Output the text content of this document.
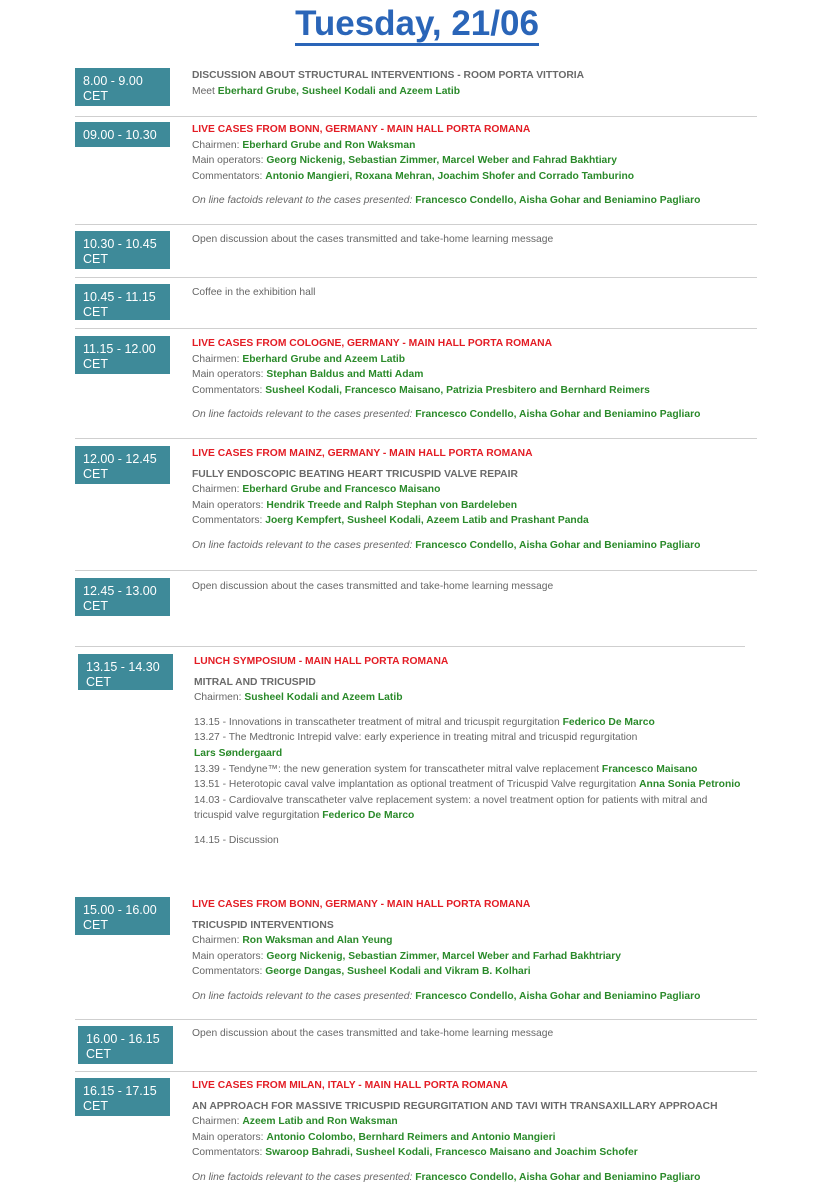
Tuesday, 21/06
8.00 - 9.00
CET

DISCUSSION ABOUT STRUCTURAL INTERVENTIONS - ROOM PORTA VITTORIA

Meet Eberhard Grube, Susheel Kodali and Azeem Latib

09.00 - 10.30	LIVE CASES FROM BONN, GERMANY - MAIN HALL PORTA ROMANA

Chairmen: Eberhard Grube and Ron Waksman

Main operators: Georg Nickenig, Sebastian Zimmer, Marcel Weber and Fahrad Bakhtiary

Commentators: Antonio Mangieri, Roxana Mehran, Joachim Shofer and Corrado Tamburino

On line factoids relevant to the cases presented: Francesco Condello, Aisha Gohar and Beniamino Pagliaro

10.30 - 10.45
CET

Open discussion about the cases transmitted and take-home learning message

10.45 - 11.15
CET

Coffee in the exhibition hall

11.15 - 12.00
CET

LIVE CASES FROM COLOGNE, GERMANY - MAIN HALL PORTA ROMANA

Chairmen: Eberhard Grube and Azeem Latib

Main operators: Stephan Baldus and Matti Adam

Commentators: Susheel Kodali, Francesco Maisano, Patrizia Presbitero and Bernhard Reimers

On line factoids relevant to the cases presented: Francesco Condello, Aisha Gohar and Beniamino Pagliaro

12.00 - 12.45
CET

LIVE CASES FROM MAINZ, GERMANY - MAIN HALL PORTA ROMANA

FULLY ENDOSCOPIC BEATING HEART TRICUSPID VALVE REPAIR

Chairmen: Eberhard Grube and Francesco Maisano

Main operators: Hendrik Treede and Ralph Stephan von Bardeleben

Commentators: Joerg Kempfert, Susheel Kodali, Azeem Latib and Prashant Panda

On line factoids relevant to the cases presented: Francesco Condello, Aisha Gohar and Beniamino Pagliaro

12.45 - 13.00
CET

Open discussion about the cases transmitted and take-home learning message

13.15 - 14.30
CET

LUNCH SYMPOSIUM - MAIN HALL PORTA ROMANA

MITRAL AND TRICUSPID

Chairmen: Susheel Kodali and Azeem Latib

13.15 - Innovations in transcatheter treatment of mitral and tricuspit regurgitation Federico De Marco

13.27 - The Medtronic Intrepid valve: early experience in treating mitral and tricuspid regurgitation

Lars Søndergaard

13.39 - Tendyne™: the new generation system for transcatheter mitral valve replacement Francesco Maisano

13.51 - Heterotopic caval valve implantation as optional treatment of Tricuspid Valve regurgitation Anna Sonia Petronio

14.03 - Cardiovalve transcatheter valve replacement system: a novel treatment option for patients with mitral and tricuspid valve regurgitation Federico De Marco

14.15 - Discussion

15.00 - 16.00
CET

LIVE CASES FROM BONN, GERMANY - MAIN HALL PORTA ROMANA

TRICUSPID INTERVENTIONS

Chairmen: Ron Waksman and Alan Yeung

Main operators: Georg Nickenig, Sebastian Zimmer, Marcel Weber and Farhad Bakhtriary

Commentators: George Dangas, Susheel Kodali and Vikram B. Kolhari

On line factoids relevant to the cases presented: Francesco Condello, Aisha Gohar and Beniamino Pagliaro

16.00 - 16.15
CET

Open discussion about the cases transmitted and take-home learning message

16.15 - 17.15
CET

LIVE CASES FROM MILAN, ITALY - MAIN HALL PORTA ROMANA

AN APPROACH FOR MASSIVE TRICUSPID REGURGITATION AND TAVI WITH TRANSAXILLARY APPROACH

Chairmen: Azeem Latib and Ron Waksman

Main operators: Antonio Colombo, Bernhard Reimers and Antonio Mangieri

Commentators: Swaroop Bahradi, Susheel Kodali, Francesco Maisano and Joachim Schofer

On line factoids relevant to the cases presented: Francesco Condello, Aisha Gohar and Beniamino Pagliaro
